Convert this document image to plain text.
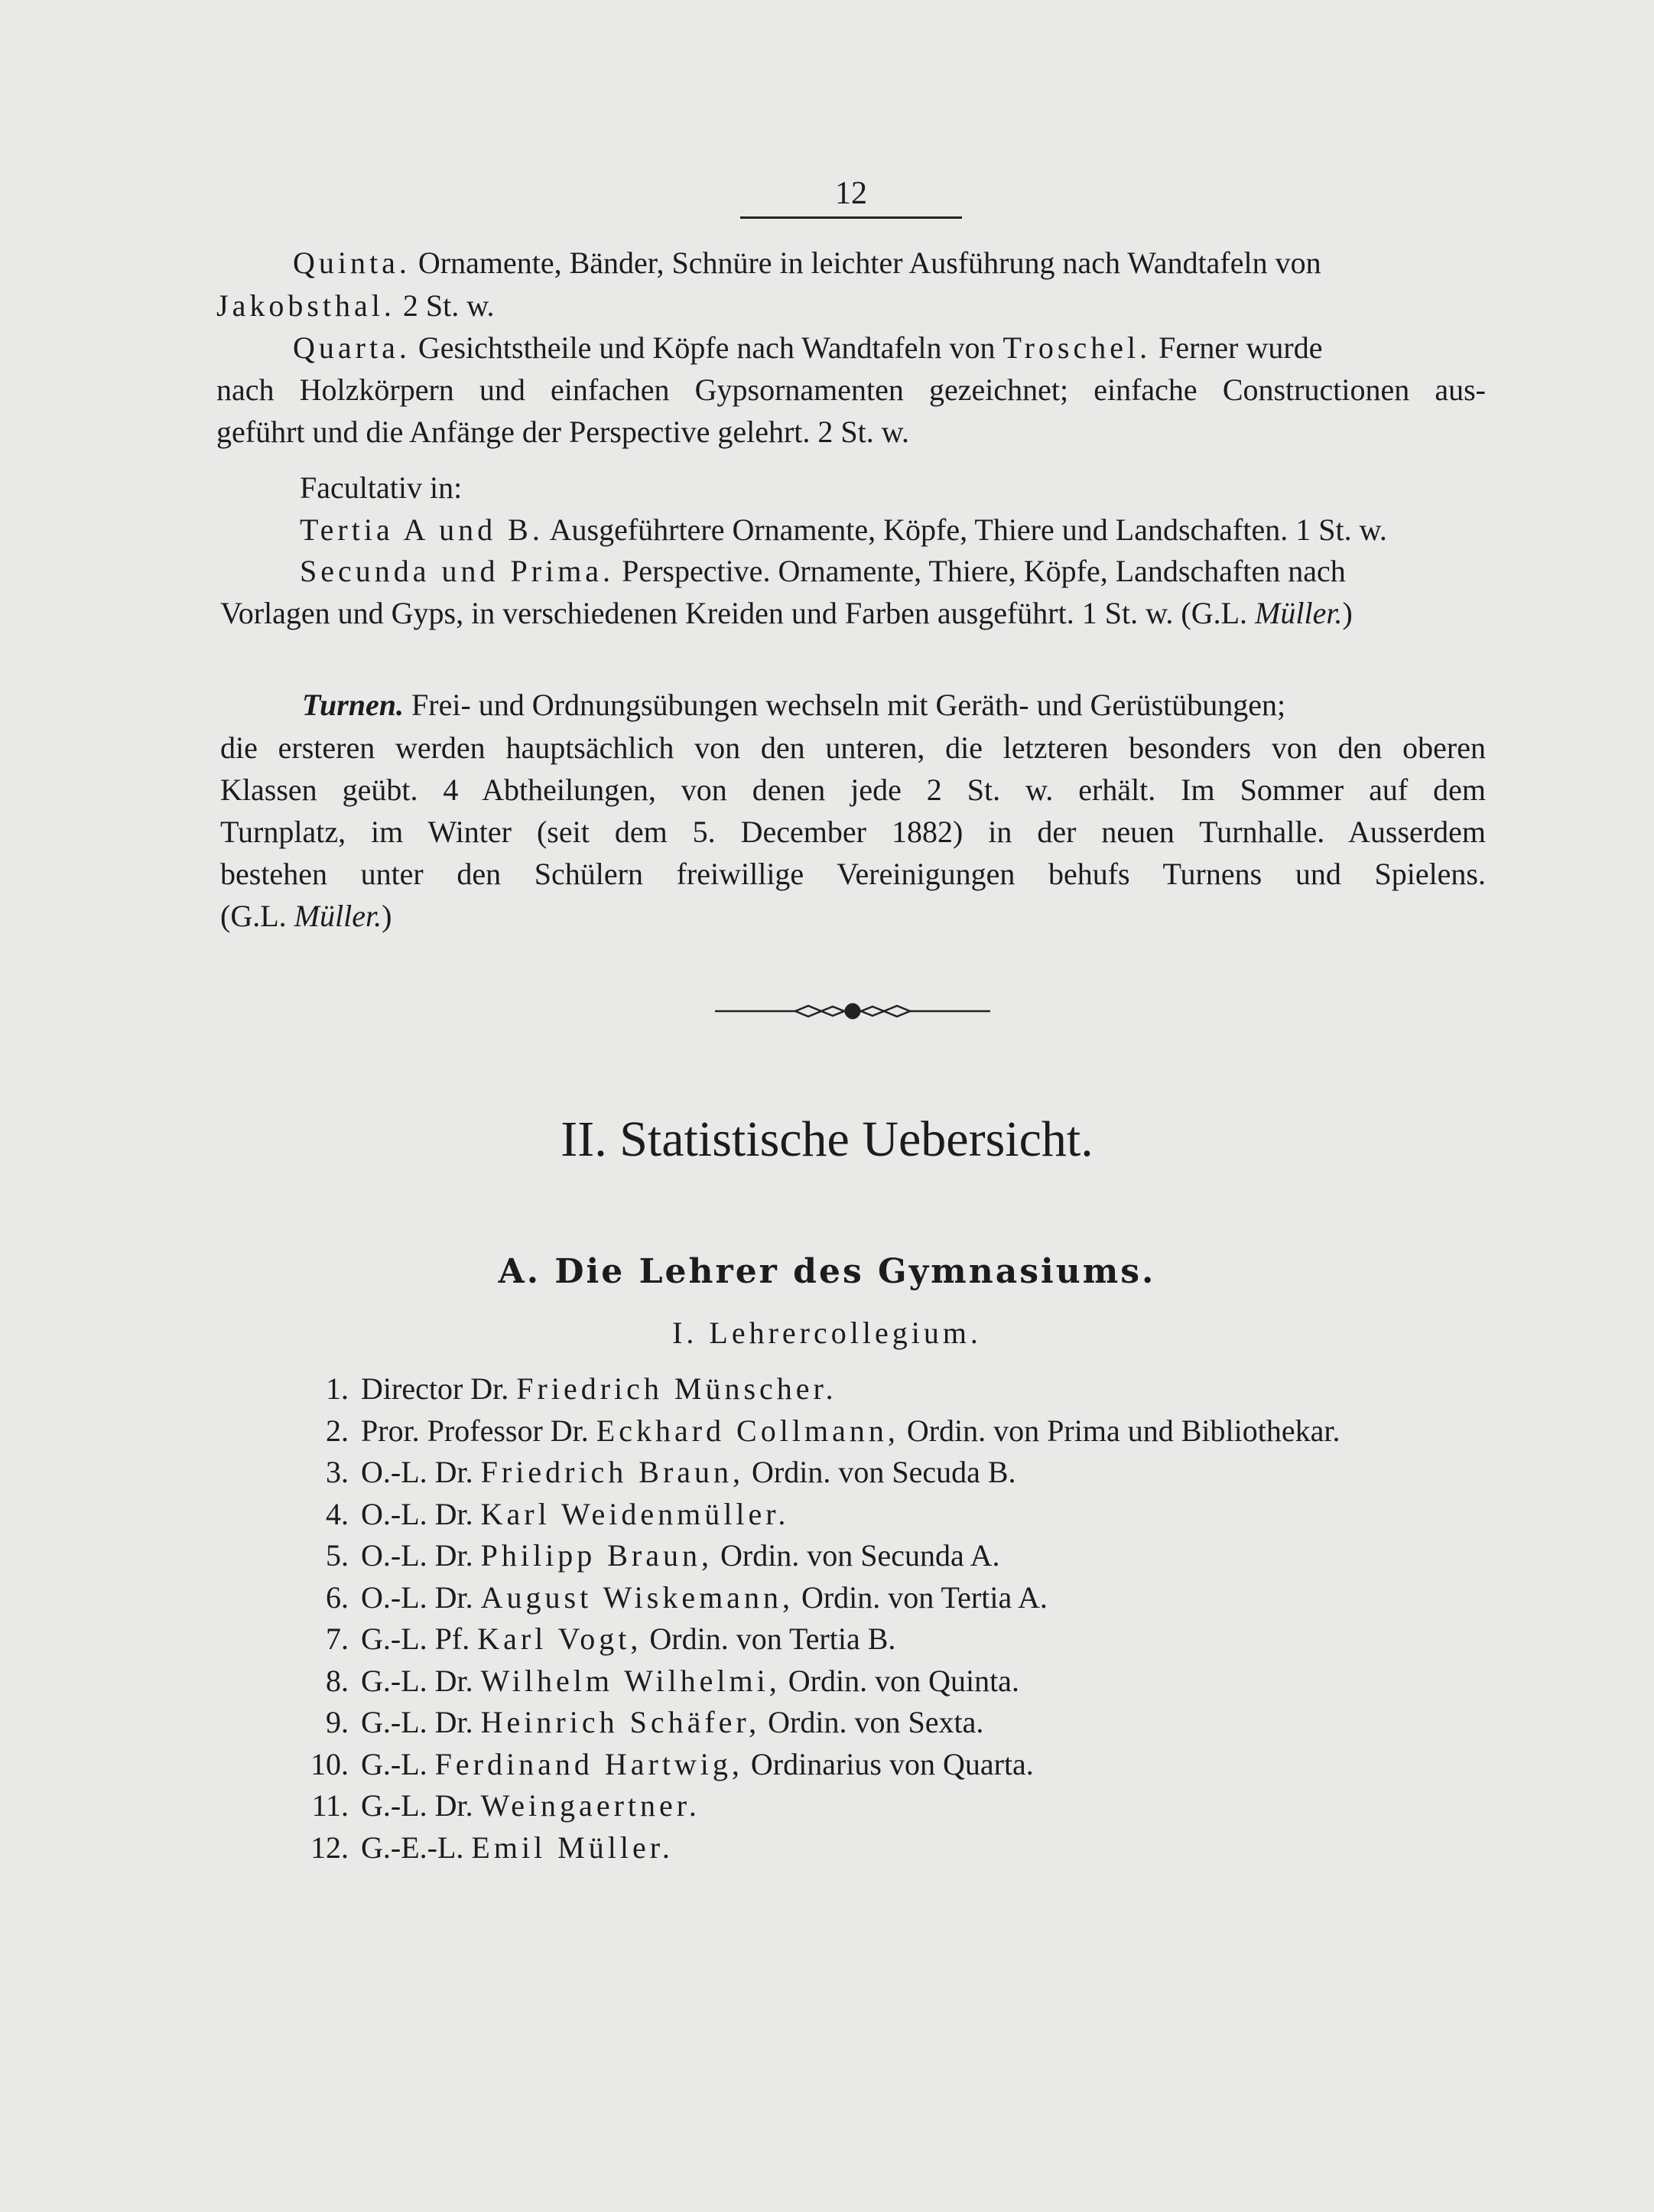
12
Quinta. Ornamente, Bänder, Schnüre in leichter Ausführung nach Wandtafeln von
Jakobsthal. 2 St. w.
Quarta. Gesichtstheile und Köpfe nach Wandtafeln von Troschel. Ferner wurde
nach Holzkörpern und einfachen Gypsornamenten gezeichnet; einfache Constructionen aus-
geführt und die Anfänge der Perspective gelehrt. 2 St. w.
Facultativ in:
Tertia A und B. Ausgeführtere Ornamente, Köpfe, Thiere und Landschaften. 1 St. w.
Secunda und Prima. Perspective. Ornamente, Thiere, Köpfe, Landschaften nach
Vorlagen und Gyps, in verschiedenen Kreiden und Farben ausgeführt. 1 St. w. (G.L. Müller.)
Turnen. Frei- und Ordnungsübungen wechseln mit Geräth- und Gerüstübungen;
die ersteren werden hauptsächlich von den unteren, die letzteren besonders von den oberen
Klassen geübt. 4 Abtheilungen, von denen jede 2 St. w. erhält. Im Sommer auf dem
Turnplatz, im Winter (seit dem 5. December 1882) in der neuen Turnhalle. Ausserdem
bestehen unter den Schülern freiwillige Vereinigungen behufs Turnens und Spielens.
(G.L. Müller.)
II. Statistische Uebersicht.
A. Die Lehrer des Gymnasiums.
I. Lehrercollegium.
1. Director Dr. Friedrich Münscher.
2. Pror. Professor Dr. Eckhard Collmann, Ordin. von Prima und Bibliothekar.
3. O.-L. Dr. Friedrich Braun, Ordin. von Secuda B.
4. O.-L. Dr. Karl Weidenmüller.
5. O.-L. Dr. Philipp Braun, Ordin. von Secunda A.
6. O.-L. Dr. August Wiskemann, Ordin. von Tertia A.
7. G.-L. Pf. Karl Vogt, Ordin. von Tertia B.
8. G.-L. Dr. Wilhelm Wilhelmi, Ordin. von Quinta.
9. G.-L. Dr. Heinrich Schäfer, Ordin. von Sexta.
10. G.-L. Ferdinand Hartwig, Ordinarius von Quarta.
11. G.-L. Dr. Weingaertner.
12. G.-E.-L. Emil Müller.
